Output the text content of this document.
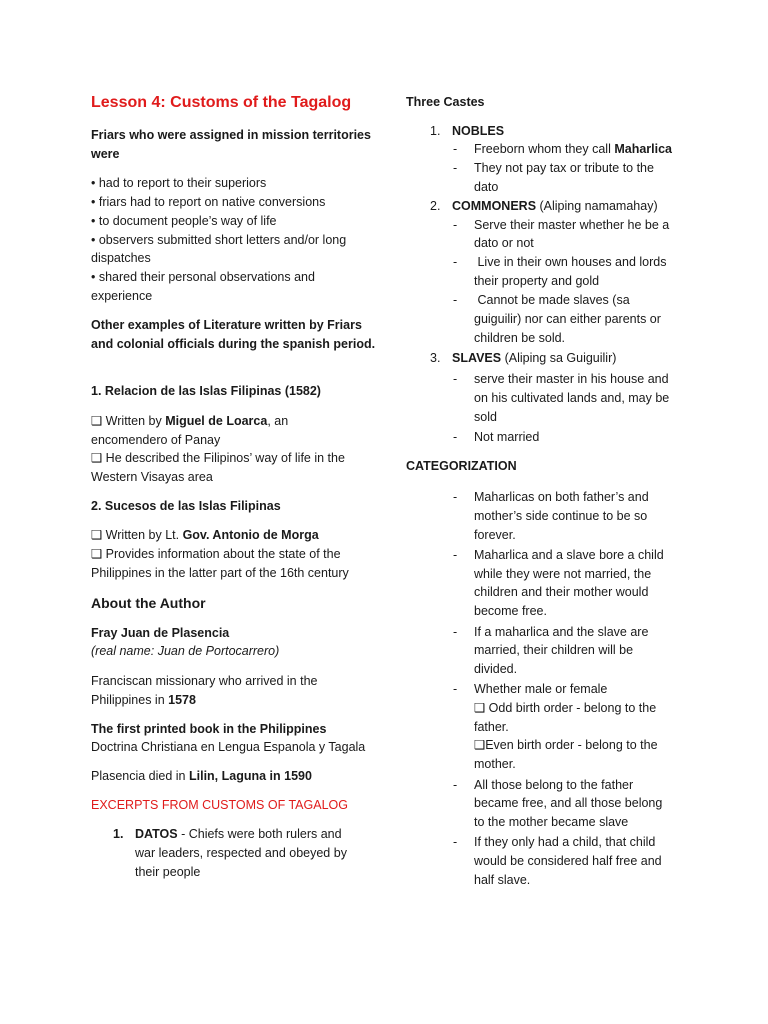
Lesson 4: Customs of the Tagalog
Friars who were assigned in mission territories
were
• had to report to their superiors
• friars had to report on native conversions
• to document people’s way of life
• observers submitted short letters and/or long
dispatches
• shared their personal observations and
experience
Other examples of Literature written by Friars
and colonial officials during the spanish period.
1. Relacion de las Islas Filipinas (1582)
❑ Written by Miguel de Loarca, an
encomendero of Panay
❑ He described the Filipinos’ way of life in the
Western Visayas area
2. Sucesos de las Islas Filipinas
❑ Written by Lt. Gov. Antonio de Morga
❑ Provides information about the state of the
Philippines in the latter part of the 16th century
About the Author
Fray Juan de Plasencia
(real name: Juan de Portocarrero)
Franciscan missionary who arrived in the
Philippines in 1578
The first printed book in the Philippines
Doctrina Christiana en Lengua Espanola y Tagala
Plasencia died in Lilin, Laguna in 1590
EXCERPTS FROM CUSTOMS OF TAGALOG
1. DATOS - Chiefs were both rulers and
war leaders, respected and obeyed by
their people
Three Castes
1. NOBLES
- Freeborn whom they call Maharlica
- They not pay tax or tribute to the
dato
2. COMMONERS (Aliping namamahay)
- Serve their master whether he be a
dato or not
- Live in their own houses and lords
their property and gold
- Cannot be made slaves (sa
guiguilir) nor can either parents or
children be sold.
3. SLAVES (Aliping sa Guiguilir)
- serve their master in his house and
on his cultivated lands and, may be
sold
- Not married
CATEGORIZATION
- Maharlicas on both father’s and
mother’s side continue to be so
forever.
- Maharlica and a slave bore a child
while they were not married, the
children and their mother would
become free.
- If a maharlica and the slave are
married, their children will be
divided.
- Whether male or female
❑ Odd birth order - belong to the
father.
❑Even birth order - belong to the
mother.
- All those belong to the father
became free, and all those belong
to the mother became slave
- If they only had a child, that child
would be considered half free and
half slave.
